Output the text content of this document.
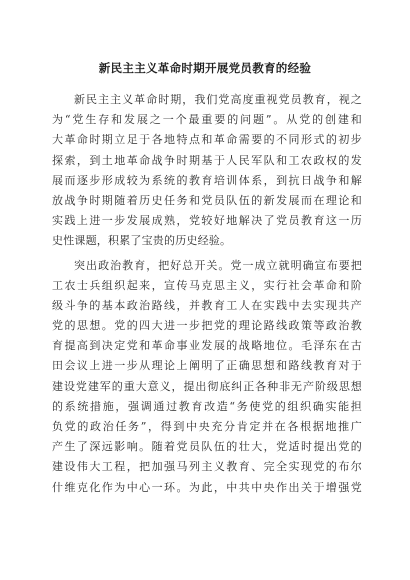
新民主主义革命时期开展党员教育的经验
新民主主义革命时期，我们党高度重视党员教育，视之
为“党生存和发展之一个最重要的问题”。从党的创建和
大革命时期立足于各地特点和革命需要的不同形式的初步
探索，到土地革命战争时期基于人民军队和工农政权的发
展而逐步形成较为系统的教育培训体系，到抗日战争和解
放战争时期随着历史任务和党员队伍的新发展而在理论和
实践上进一步发展成熟，党较好地解决了党员教育这一历
史性课题，积累了宝贵的历史经验。
突出政治教育，把好总开关。党一成立就明确宣布要把
工农士兵组织起来，宣传马克思主义，实行社会革命和阶
级斗争的基本政治路线，并教育工人在实践中去实现共产
党的思想。党的四大进一步把党的理论路线政策等政治教
育提高到决定党和革命事业发展的战略地位。毛泽东在古
田会议上进一步从理论上阐明了正确思想和路线教育对于
建设党建军的重大意义，提出彻底纠正各种非无产阶级思想
的系统措施，强调通过教育改造“务使党的组织确实能担
负党的政治任务”，得到中央充分肯定并在各根据地推广
产生了深远影响。随着党员队伍的壮大，党适时提出党的
建设伟大工程，把加强马列主义教育、完全实现党的布尔
什维克化作为中心一环。为此，中共中央作出关于增强党
